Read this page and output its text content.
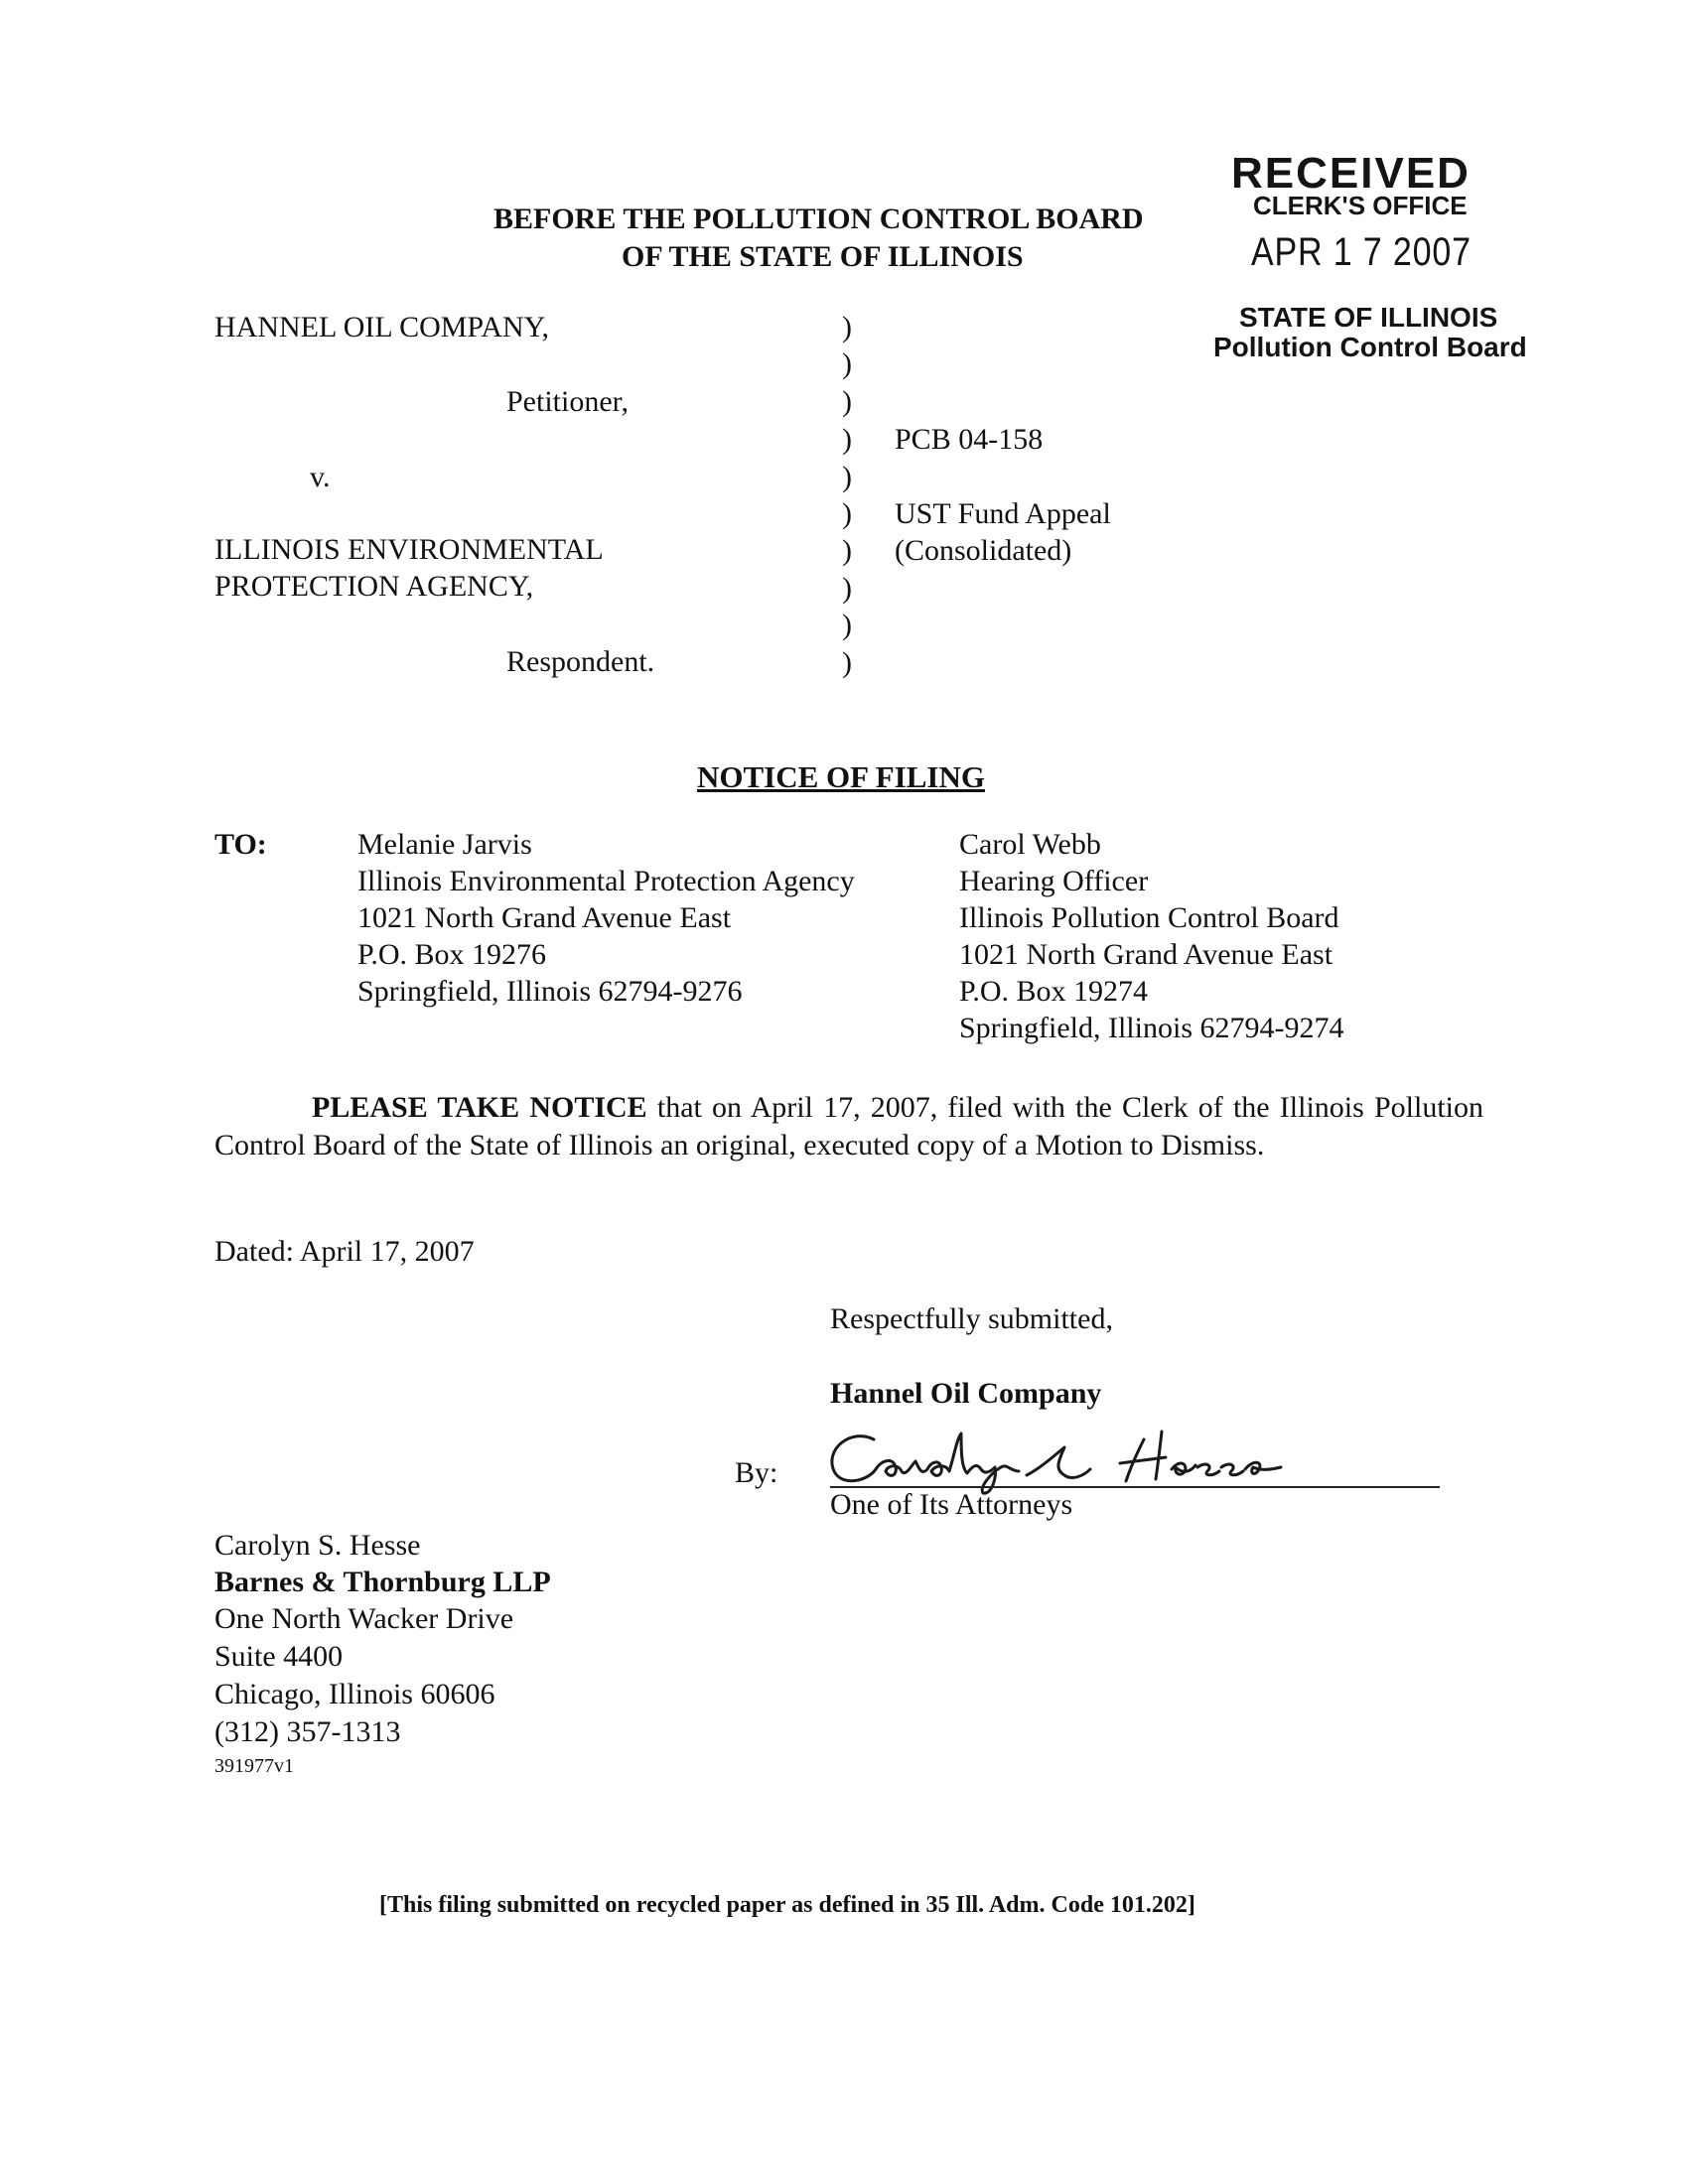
RECEIVED
CLERK'S OFFICE
APR 1 7 2007
STATE OF ILLINOIS
Pollution Control Board
BEFORE THE POLLUTION CONTROL BOARD
OF THE STATE OF ILLINOIS
HANNEL OIL COMPANY,
Petitioner,
v.
ILLINOIS ENVIRONMENTAL
PROTECTION AGENCY,
Respondent.
)
)
)
)
)
)
)
)
)
)
PCB 04-158
UST Fund Appeal
(Consolidated)
NOTICE OF FILING
TO:	Melanie Jarvis
Illinois Environmental Protection Agency
1021 North Grand Avenue East
P.O. Box 19276
Springfield, Illinois 62794-9276
Carol Webb
Hearing Officer
Illinois Pollution Control Board
1021 North Grand Avenue East
P.O. Box 19274
Springfield, Illinois 62794-9274
PLEASE TAKE NOTICE that on April 17, 2007, filed with the Clerk of the Illinois Pollution Control Board of the State of Illinois an original, executed copy of a Motion to Dismiss.
Dated: April 17, 2007
Respectfully submitted,
Hannel Oil Company
By:
One of Its Attorneys
Carolyn S. Hesse
Barnes & Thornburg LLP
One North Wacker Drive
Suite 4400
Chicago, Illinois 60606
(312) 357-1313
391977v1
[This filing submitted on recycled paper as defined in 35 Ill. Adm. Code 101.202]
